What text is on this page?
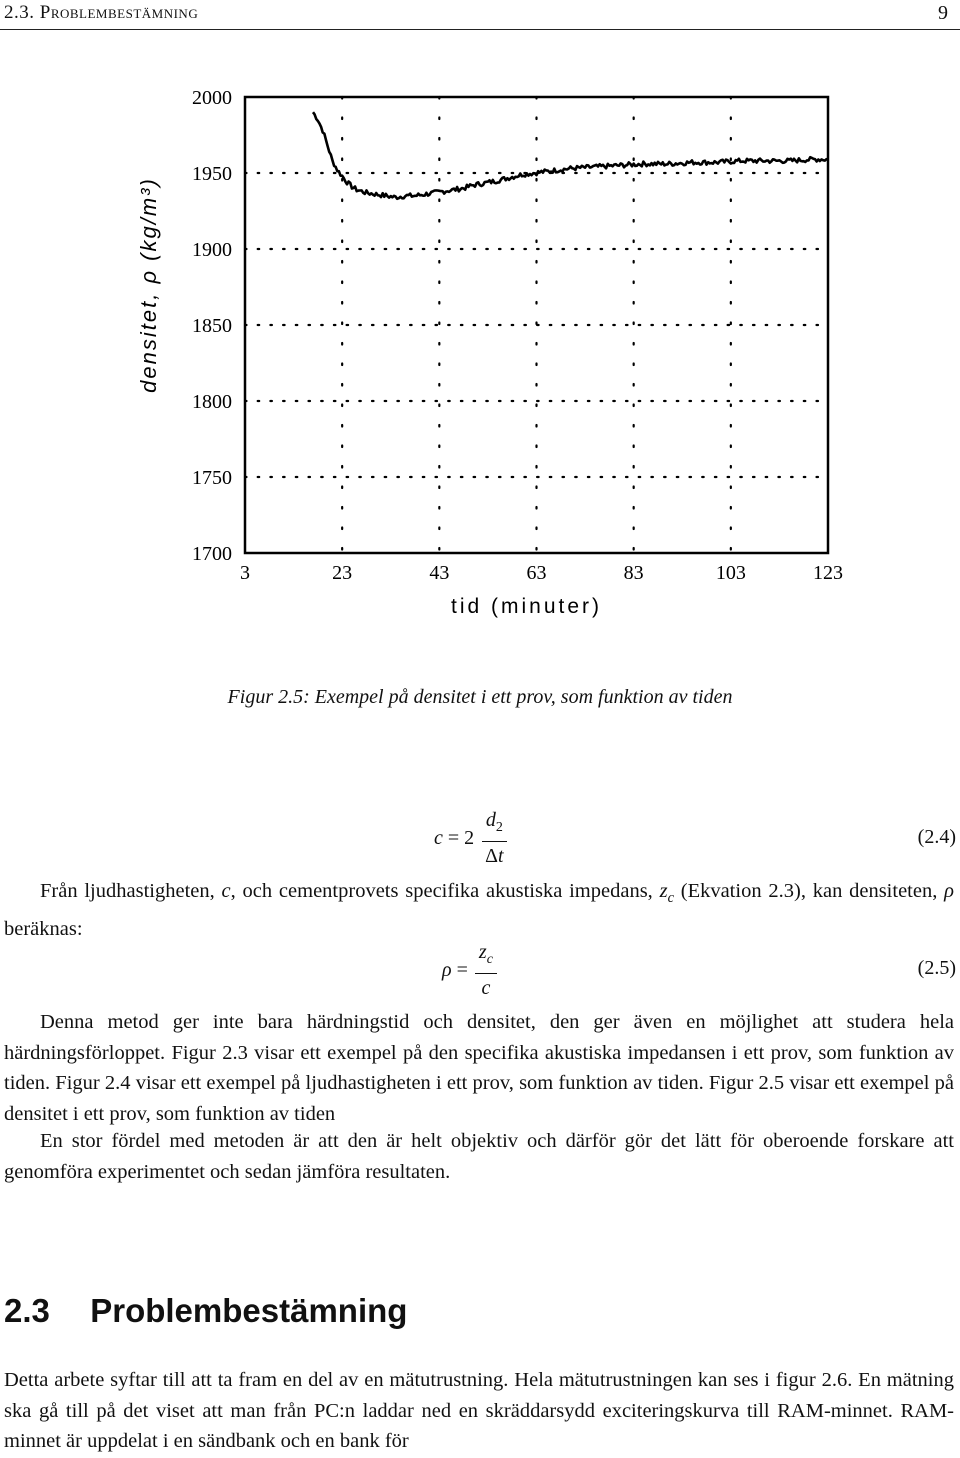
2.3. Problembestämning	9
1700
1750
1800
1850
1900
1950
2000
3	23	43	63	83	103	123
tid (minuter)
densitet, ρ (kg/m³)
Figur 2.5: Exempel på densitet i ett prov, som funktion av tiden
$c = 2 \frac{d_2}{\Delta t}$	(2.4)

Från ljudhastigheten, c, och cementprovets specifika akustiska impedans, $z_c$ (Ekvation 2.3), kan densiteten, ρ beräknas:

$\rho = \frac{z_c}{c}$	(2.5)

Denna metod ger inte bara härdningstid och densitet, den ger även en möjlighet att studera hela härdningsförloppet. Figur 2.3 visar ett exempel på den specifika akustiska impedansen i ett prov, som funktion av tiden. Figur 2.4 visar ett exempel på ljudhastigheten i ett prov, som funktion av tiden. Figur 2.5 visar ett exempel på densitet i ett prov, som funktion av tiden

En stor fördel med metoden är att den är helt objektiv och därför gör det lätt för oberoende forskare att genomföra experimentet och sedan jämföra resultaten.

2.3 Problembestämning

Detta arbete syftar till att ta fram en del av en mätutrustning. Hela mätutrustningen kan ses i figur 2.6. En mätning ska gå till på det viset att man från PC:n laddar ned en skräddarsydd exciteringskurva till RAM-minnet. RAM-minnet är uppdelat i en sändbank och en bank för
